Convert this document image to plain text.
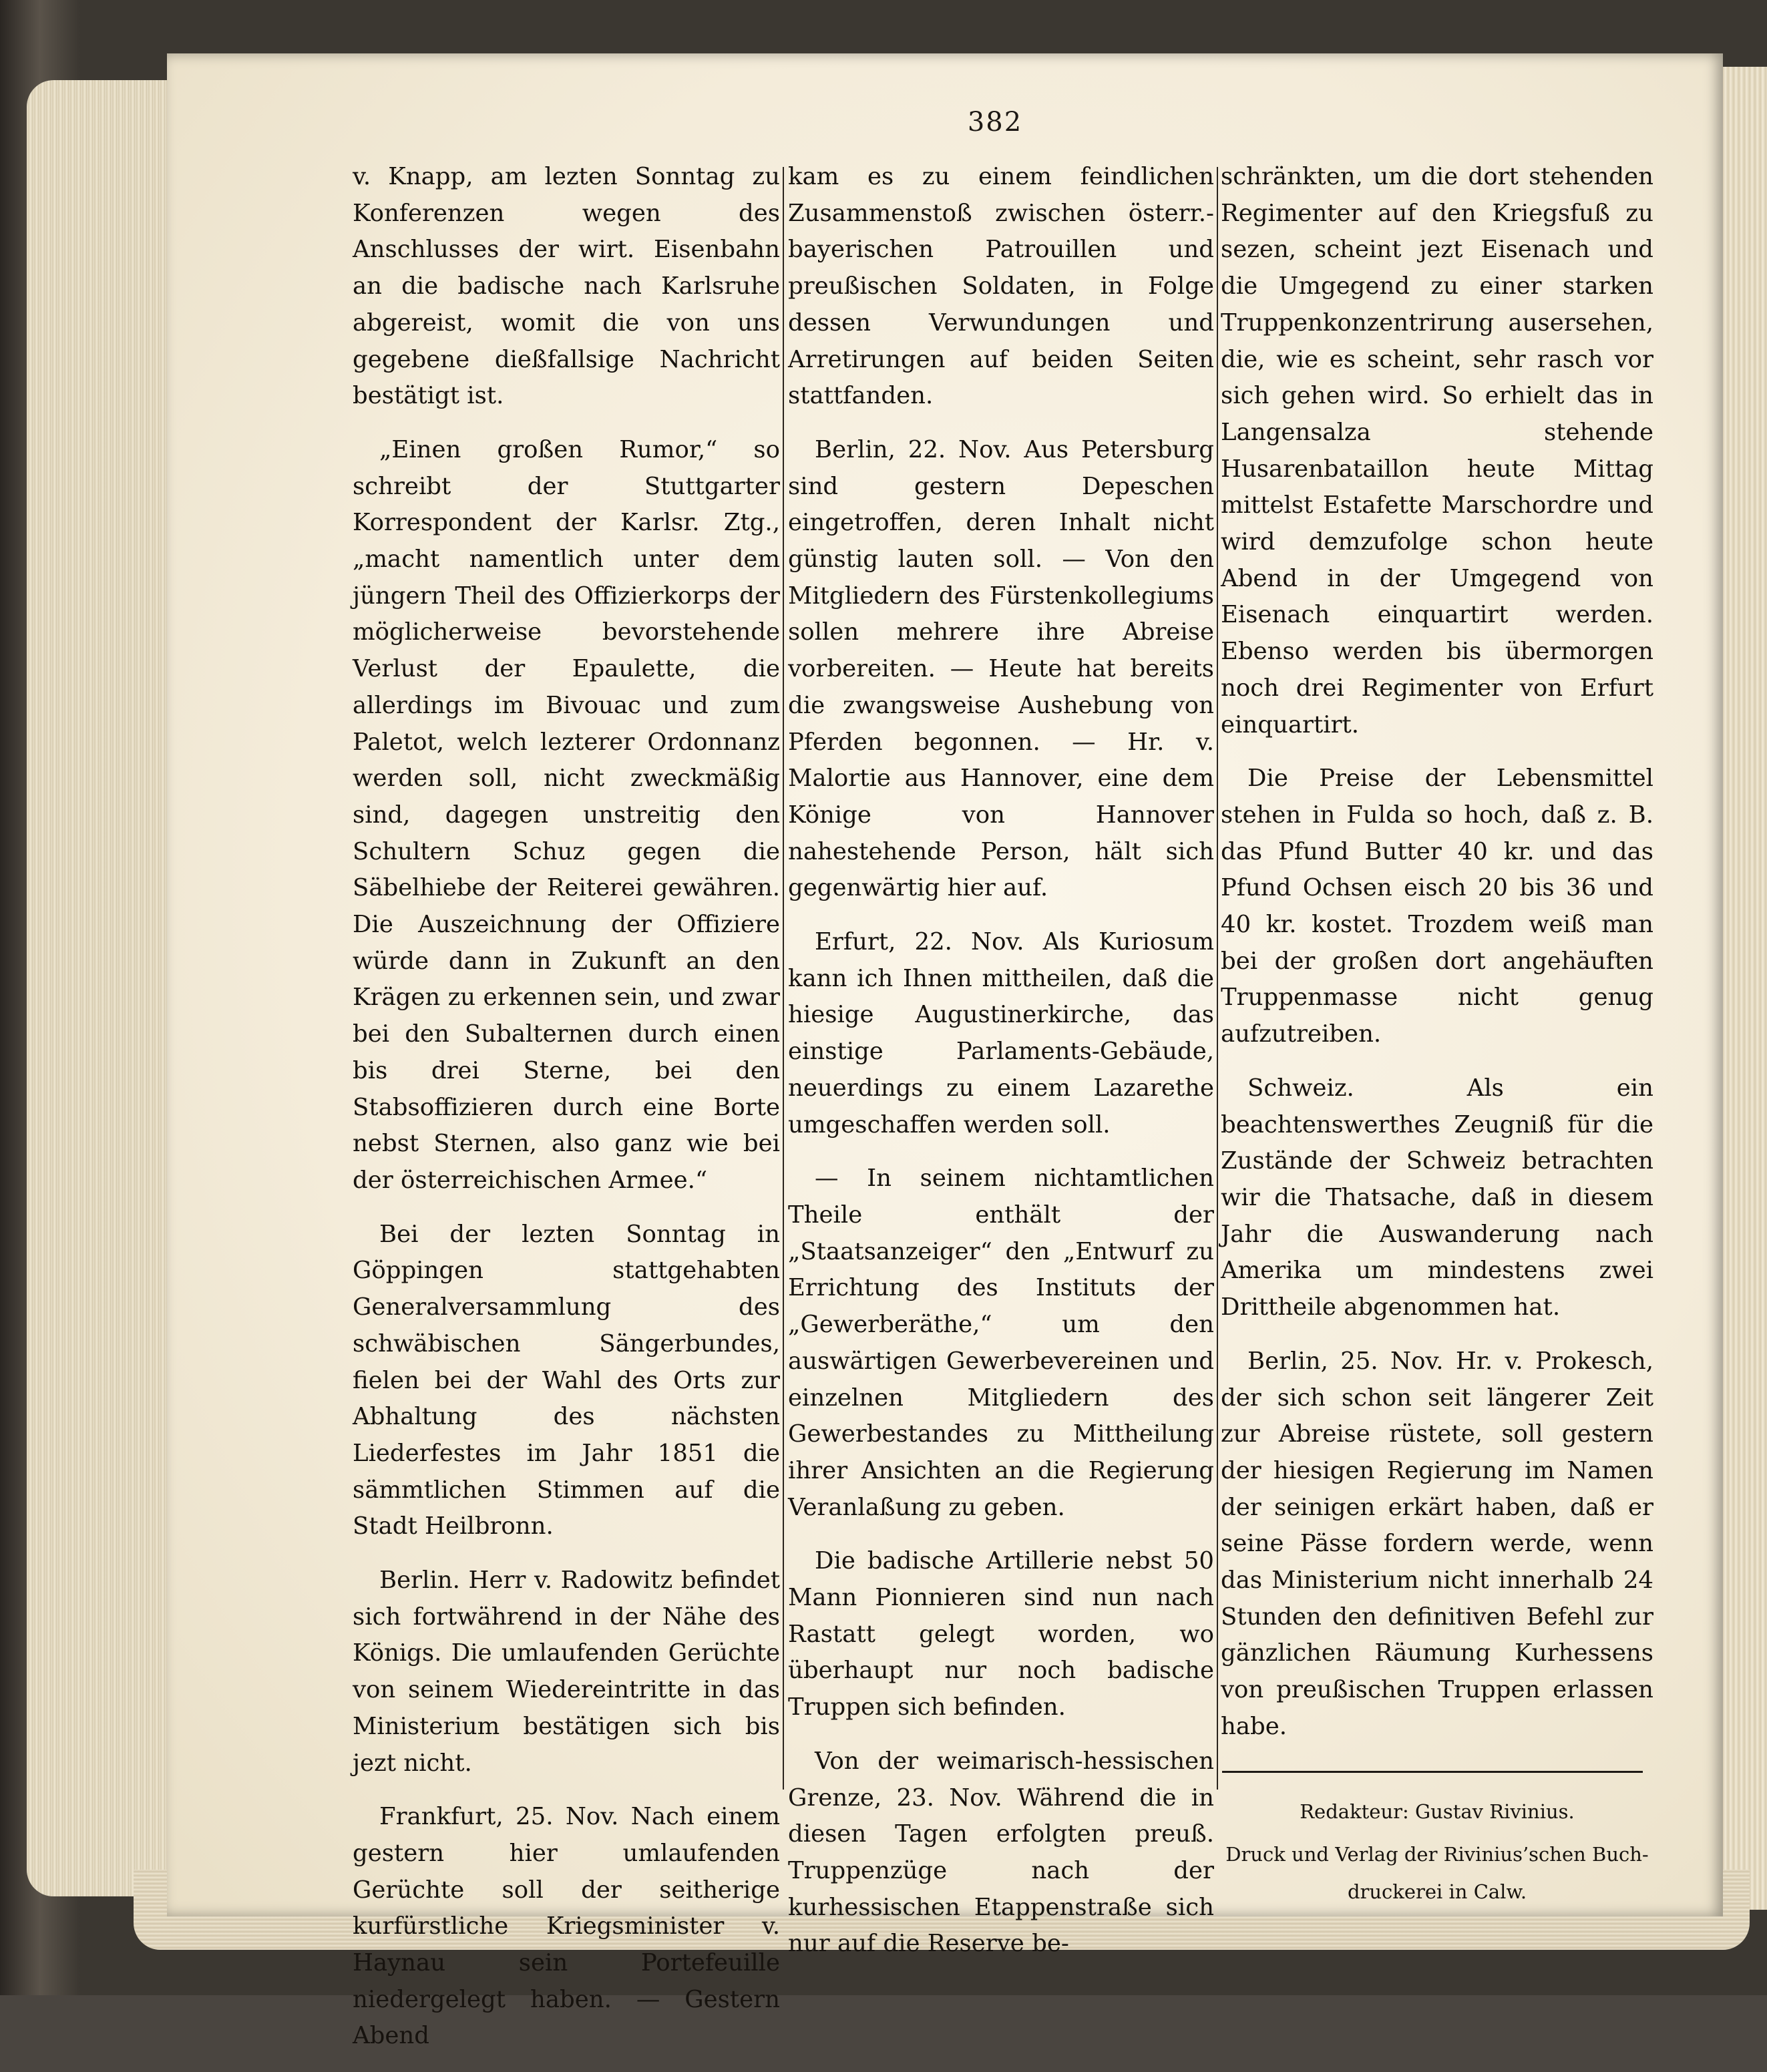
382

v. Knapp, am lezten Sonntag zu Konferenzen wegen des Anschlusses der wirt. Eisenbahn an die badische nach Karlsruhe abgereist, womit die von uns gegebene dießfallsige Nachricht bestätigt ist.

„Einen großen Rumor,“ so schreibt der Stuttgarter Korrespondent der Karlsr. Ztg., „macht namentlich unter dem jüngern Theil des Offizierkorps der möglicherweise bevorstehende Verlust der Epaulette, die allerdings im Bivouac und zum Paletot, welch lezterer Ordonnanz werden soll, nicht zweckmäßig sind, dagegen unstreitig den Schultern Schuz gegen die Säbelhiebe der Reiterei gewähren. Die Auszeichnung der Offiziere würde dann in Zukunft an den Krägen zu erkennen sein, und zwar bei den Subalternen durch einen bis drei Sterne, bei den Stabsoffizieren durch eine Borte nebst Sternen, also ganz wie bei der österreichischen Armee.“

Bei der lezten Sonntag in Göppingen stattgehabten Generalversammlung des schwäbischen Sängerbundes, fielen bei der Wahl des Orts zur Abhaltung des nächsten Liederfestes im Jahr 1851 die sämmtlichen Stimmen auf die Stadt Heilbronn.

Berlin. Herr v. Radowitz befindet sich fortwährend in der Nähe des Königs. Die umlaufenden Gerüchte von seinem Wiedereintritte in das Ministerium bestätigen sich bis jezt nicht.

Frankfurt, 25. Nov. Nach einem gestern hier umlaufenden Gerüchte soll der seitherige kurfürstliche Kriegsminister v. Haynau sein Portefeuille niedergelegt haben. — Gestern Abend

kam es zu einem feindlichen Zusammenstoß zwischen österr.-bayerischen Patrouillen und preußischen Soldaten, in Folge dessen Verwundungen und Arretirungen auf beiden Seiten stattfanden.

Berlin, 22. Nov. Aus Petersburg sind gestern Depeschen eingetroffen, deren Inhalt nicht günstig lauten soll. — Von den Mitgliedern des Fürstenkollegiums sollen mehrere ihre Abreise vorbereiten. — Heute hat bereits die zwangsweise Aushebung von Pferden begonnen. — Hr. v. Malortie aus Hannover, eine dem Könige von Hannover nahestehende Person, hält sich gegenwärtig hier auf.

Erfurt, 22. Nov. Als Kuriosum kann ich Ihnen mittheilen, daß die hiesige Augustinerkirche, das einstige Parlaments-Gebäude, neuerdings zu einem Lazarethe umgeschaffen werden soll.

— In seinem nichtamtlichen Theile enthält der „Staatsanzeiger“ den „Entwurf zu Errichtung des Instituts der „Gewerberäthe,“ um den auswärtigen Gewerbevereinen und einzelnen Mitgliedern des Gewerbestandes zu Mittheilung ihrer Ansichten an die Regierung Veranlaßung zu geben.

Die badische Artillerie nebst 50 Mann Pionnieren sind nun nach Rastatt gelegt worden, wo überhaupt nur noch badische Truppen sich befinden.

Von der weimarisch-hessischen Grenze, 23. Nov. Während die in diesen Tagen erfolgten preuß. Truppenzüge nach der kurhessischen Etappenstraße sich nur auf die Reserve be-

schränkten, um die dort stehenden Regimenter auf den Kriegsfuß zu sezen, scheint jezt Eisenach und die Umgegend zu einer starken Truppenkonzentrirung ausersehen, die, wie es scheint, sehr rasch vor sich gehen wird. So erhielt das in Langensalza stehende Husarenbataillon heute Mittag mittelst Estafette Marschordre und wird demzufolge schon heute Abend in der Umgegend von Eisenach einquartirt werden. Ebenso werden bis übermorgen noch drei Regimenter von Erfurt einquartirt.

Die Preise der Lebensmittel stehen in Fulda so hoch, daß z. B. das Pfund Butter 40 kr. und das Pfund Ochsen eisch 20 bis 36 und 40 kr. kostet. Trozdem weiß man bei der großen dort angehäuften Truppenmasse nicht genug aufzutreiben.

Schweiz. Als ein beachtenswerthes Zeugniß für die Zustände der Schweiz betrachten wir die Thatsache, daß in diesem Jahr die Auswanderung nach Amerika um mindestens zwei Drittheile abgenommen hat.

Berlin, 25. Nov. Hr. v. Prokesch, der sich schon seit längerer Zeit zur Abreise rüstete, soll gestern der hiesigen Regierung im Namen der seinigen erkärt haben, daß er seine Pässe fordern werde, wenn das Ministerium nicht innerhalb 24 Stunden den definitiven Befehl zur gänzlichen Räumung Kurhessens von preußischen Truppen erlassen habe.

Redakteur: Gustav Rivinius.

Druck und Verlag der Rivinius’schen Buch-

druckerei in Calw.
